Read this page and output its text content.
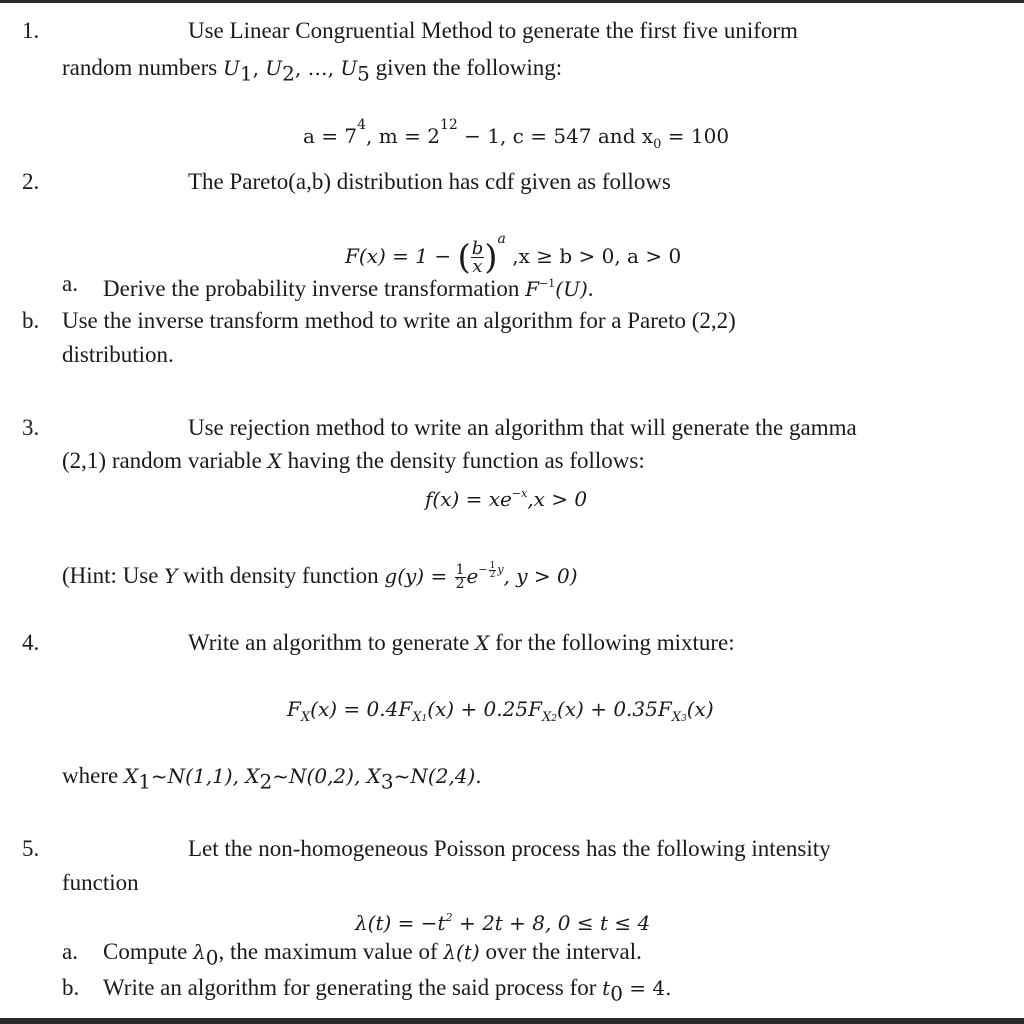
1.	Use Linear Congruential Method to generate the first five uniform
random numbers $U_1$, $U_2$, …, $U_5$ given the following:
$a = 7^4$, $m = 2^{12} - 1$, c = 547 and $x_0 = 100$
2.	The Pareto(a,b) distribution has cdf given as follows
F(x) = 1 − ( $\frac{b}{x} )^a$ ,x ≥ b > 0, a > 0
a. Derive the probability inverse transformation $F^{-1}(U)$.
b. Use the inverse transform method to write an algorithm for a Pareto (2,2)
distribution.
3.	Use rejection method to write an algorithm that will generate the gamma
(2,1) random variable X having the density function as follows:
$f(x) = xe^{-x},x > 0$
(Hint: Use Y with density function $g(y) = \frac{1}{2} e^{- \frac{1}{2} y}$, y > 0)
4.	Write an algorithm to generate X for the following mixture:
$F_X(x) = 0.4F_{X1}(x) + 0.25F_{X2}(x) + 0.35F_{X3}(x)$
where $X_1\sim N(1,1)$, $X_2\sim N(0,2)$, $X_3\sim N(2,4)$.
5.	Let the non-homogeneous Poisson process has the following intensity
function
$\lambda(t) = -t^2 + 2t + 8$, 0 ≤ t ≤ 4
a. Compute $\lambda_0$, the maximum value of λ(t) over the interval.
b. Write an algorithm for generating the said process for $t_0 = 4$.
